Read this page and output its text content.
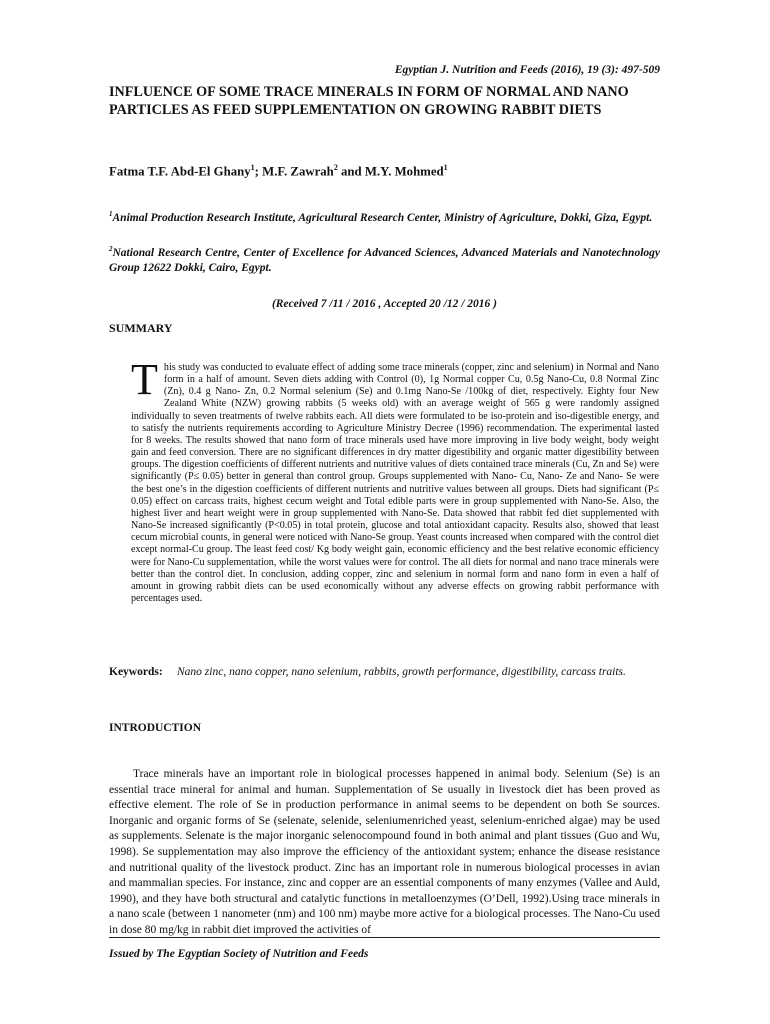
Egyptian J. Nutrition and Feeds (2016), 19 (3): 497-509

INFLUENCE OF SOME TRACE MINERALS IN FORM OF NORMAL AND NANO PARTICLES AS FEED SUPPLEMENTATION ON GROWING RABBIT DIETS

Fatma T.F. Abd-El Ghany$^1$; M.F. Zawrah$^2$ and M.Y. Mohmed$^1$

$^1$Animal Production Research Institute, Agricultural Research Center, Ministry of Agriculture, Dokki, Giza, Egypt.

$^2$National Research Centre, Center of Excellence for Advanced Sciences, Advanced Materials and Nanotechnology Group 12622 Dokki, Cairo, Egypt.

(Received 7 /11 / 2016 , Accepted 20 /12 / 2016 )

SUMMARY

This study was conducted to evaluate effect of adding some trace minerals (copper, zinc and selenium) in Normal and Nano form in a half of amount. Seven diets adding with Control (0), 1g Normal copper Cu, 0.5g Nano-Cu, 0.8 Normal Zinc (Zn), 0.4 g Nano- Zn, 0.2 Normal selenium (Se) and 0.1mg Nano-Se /100kg of diet, respectively. Eighty four New Zealand White (NZW) growing rabbits (5 weeks old) with an average weight of 565 g were randomly assigned individually to seven treatments of twelve rabbits each. All diets were formulated to be iso-protein and iso-digestible energy, and to satisfy the nutrients requirements according to Agriculture Ministry Decree (1996) recommendation. The experimental lasted for 8 weeks. The results showed that nano form of trace minerals used have more improving in live body weight, body weight gain and feed conversion. There are no significant differences in dry matter digestibility and organic matter digestibility between groups. The digestion coefficients of different nutrients and nutritive values of diets contained trace minerals (Cu, Zn and Se) were significantly (P≤ 0.05) better in general than control group. Groups supplemented with Nano- Cu, Nano- Ze and Nano- Se were the best one’s in the digestion coefficients of different nutrients and nutritive values between all groups. Diets had significant (P≤ 0.05) effect on carcass traits, highest cecum weight and Total edible parts were in group supplemented with Nano-Se. Also, the highest liver and heart weight were in group supplemented with Nano-Se. Data showed that rabbit fed diet supplemented with Nano-Se increased significantly (P<0.05) in total protein, glucose and total antioxidant capacity. Results also, showed that least cecum microbial counts, in general were noticed with Nano-Se group. Yeast counts increased when compared with the control diet except normal-Cu group. The least feed cost/ Kg body weight gain, economic efficiency and the best relative economic efficiency were for Nano-Cu supplementation, while the worst values were for control. The all diets for normal and nano trace minerals were better than the control diet. In conclusion, adding copper, zinc and selenium in normal form and nano form in even a half of amount in growing rabbit diets can be used economically without any adverse effects on growing rabbit performance with percentages used.

Keywords:	Nano zinc, nano copper, nano selenium, rabbits, growth performance, digestibility, carcass traits.
INTRODUCTION

Trace minerals have an important role in biological processes happened in animal body. Selenium (Se) is an essential trace mineral for animal and human. Supplementation of Se usually in livestock diet has been proved as effective element. The role of Se in production performance in animal seems to be dependent on both Se sources. Inorganic and organic forms of Se (selenate, selenide, seleniumenriched yeast, selenium-enriched algae) may be used as supplements. Selenate is the major inorganic selenocompound found in both animal and plant tissues (Guo and Wu, 1998). Se supplementation may also improve the efficiency of the antioxidant system; enhance the disease resistance and nutritional quality of the livestock product. Zinc has an important role in numerous biological processes in avian and mammalian species. For instance, zinc and copper are an essential components of many enzymes (Vallee and Auld, 1990), and they have both structural and catalytic functions in metalloenzymes (O’Dell, 1992).Using trace minerals in a nano scale (between 1 nanometer (nm) and 100 nm) maybe more active for a biological processes. The Nano-Cu used in dose 80 mg/kg in rabbit diet improved the activities of

Issued by The Egyptian Society of Nutrition and Feeds
